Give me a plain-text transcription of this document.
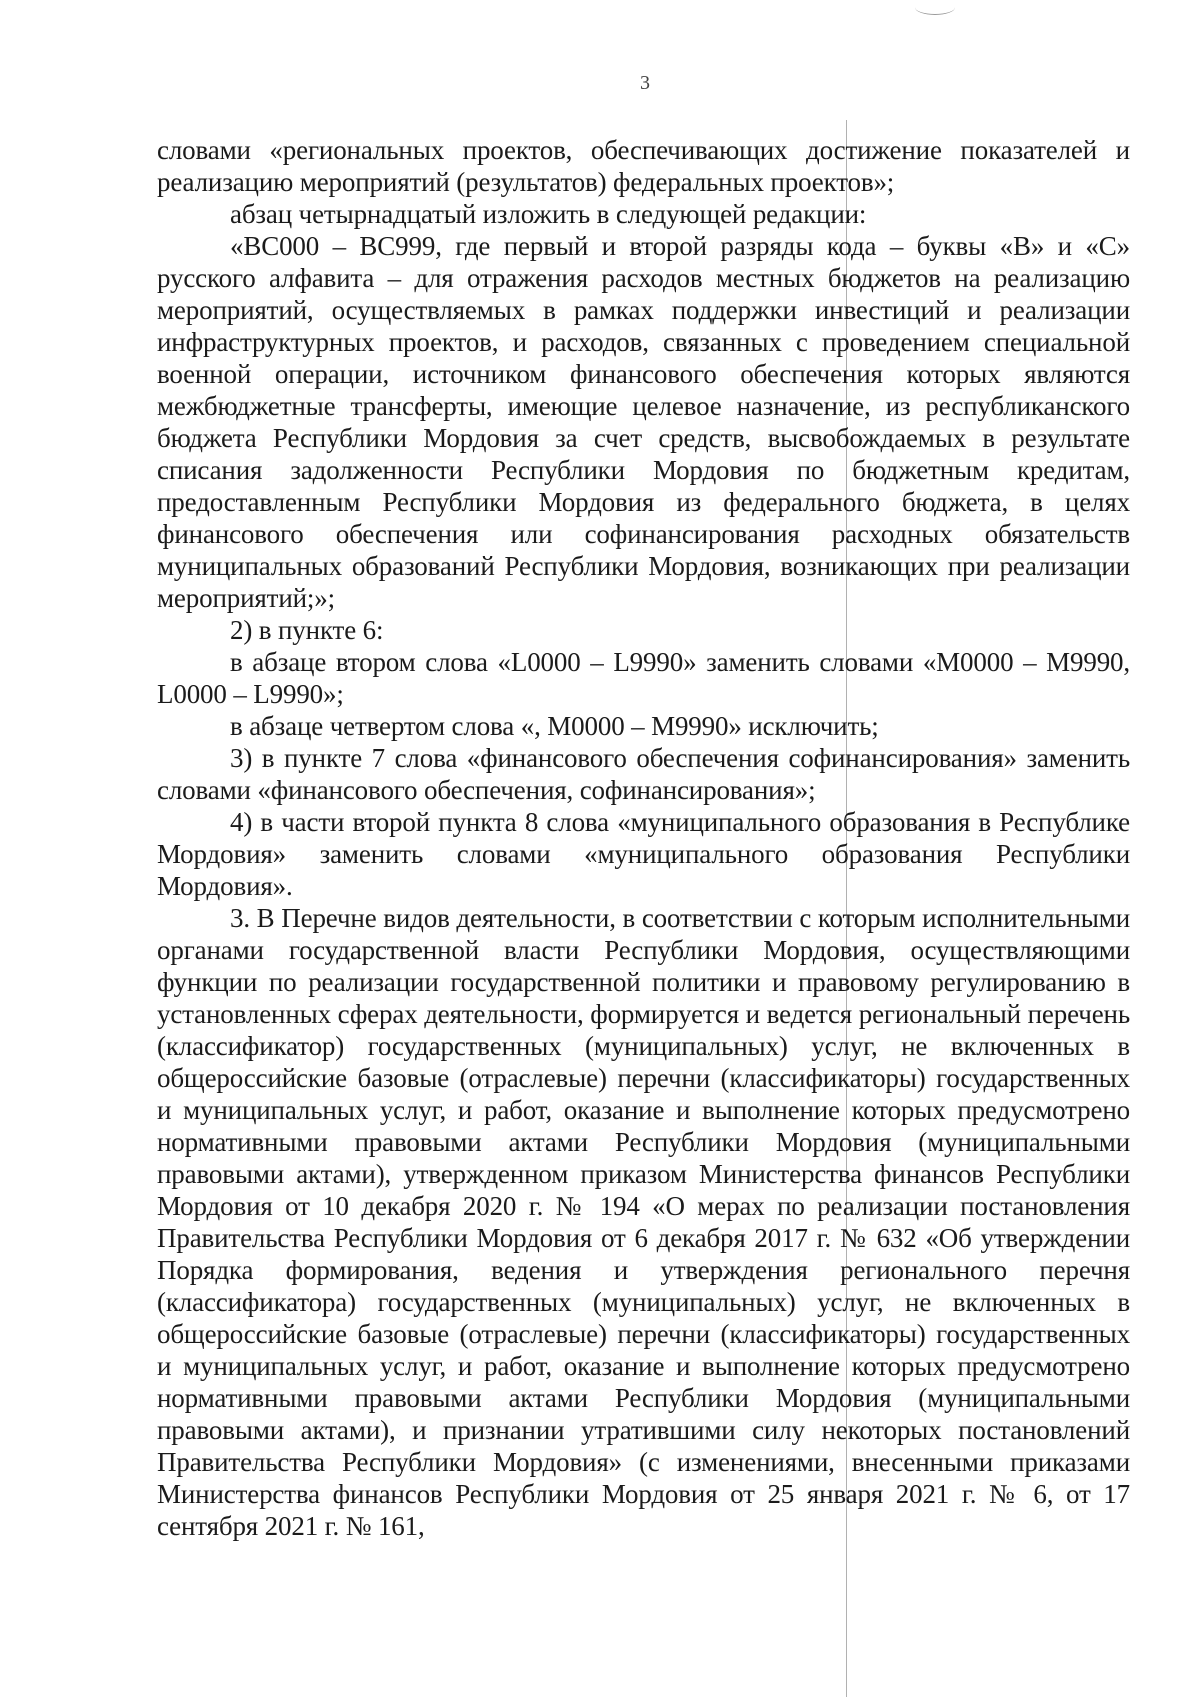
3

словами «региональных проектов, обеспечивающих достижение показателей и реализацию мероприятий (результатов) федеральных проектов»;

абзац четырнадцатый изложить в следующей редакции:

«ВС000 – ВС999, где первый и второй разряды кода – буквы «В» и «С» русского алфавита – для отражения расходов местных бюджетов на реализацию мероприятий, осуществляемых в рамках поддержки инвестиций и реализации инфраструктурных проектов, и расходов, связанных с проведением специальной военной операции, источником финансового обеспечения которых являются межбюджетные трансферты, имеющие целевое назначение, из республиканского бюджета Республики Мордовия за счет средств, высвобождаемых в результате списания задолженности Республики Мордовия по бюджетным кредитам, предоставленным Республики Мордовия из федерального бюджета, в целях финансового обеспечения или софинансирования расходных обязательств муниципальных образований Республики Мордовия, возникающих при реализации мероприятий;»;

2) в пункте 6:

в абзаце втором слова «L0000 – L9990» заменить словами «М0000 – М9990, L0000 – L9990»;

в абзаце четвертом слова «, М0000 – М9990» исключить;

3) в пункте 7 слова «финансового обеспечения софинансирования» заменить словами «финансового обеспечения, софинансирования»;

4) в части второй пункта 8 слова «муниципального образования в Республике Мордовия» заменить словами «муниципального образования Республики Мордовия».

3. В Перечне видов деятельности, в соответствии с которым исполнительными органами государственной власти Республики Мордовия, осуществляющими функции по реализации государственной политики и правовому регулированию в установленных сферах деятельности, формируется и ведется региональный перечень (классификатор) государственных (муниципальных) услуг, не включенных в общероссийские базовые (отраслевые) перечни (классификаторы) государственных и муниципальных услуг, и работ, оказание и выполнение которых предусмотрено нормативными правовыми актами Республики Мордовия (муниципальными правовыми актами), утвержденном приказом Министерства финансов Республики Мордовия от 10 декабря 2020 г. № 194 «О мерах по реализации постановления Правительства Республики Мордовия от 6 декабря 2017 г. № 632 «Об утверждении Порядка формирования, ведения и утверждения регионального перечня (классификатора) государственных (муниципальных) услуг, не включенных в общероссийские базовые (отраслевые) перечни (классификаторы) государственных и муниципальных услуг, и работ, оказание и выполнение которых предусмотрено нормативными правовыми актами Республики Мордовия (муниципальными правовыми актами), и признании утратившими силу некоторых постановлений Правительства Республики Мордовия» (с изменениями, внесенными приказами Министерства финансов Республики Мордовия от 25 января 2021 г. № 6, от 17 сентября 2021 г. № 161,
